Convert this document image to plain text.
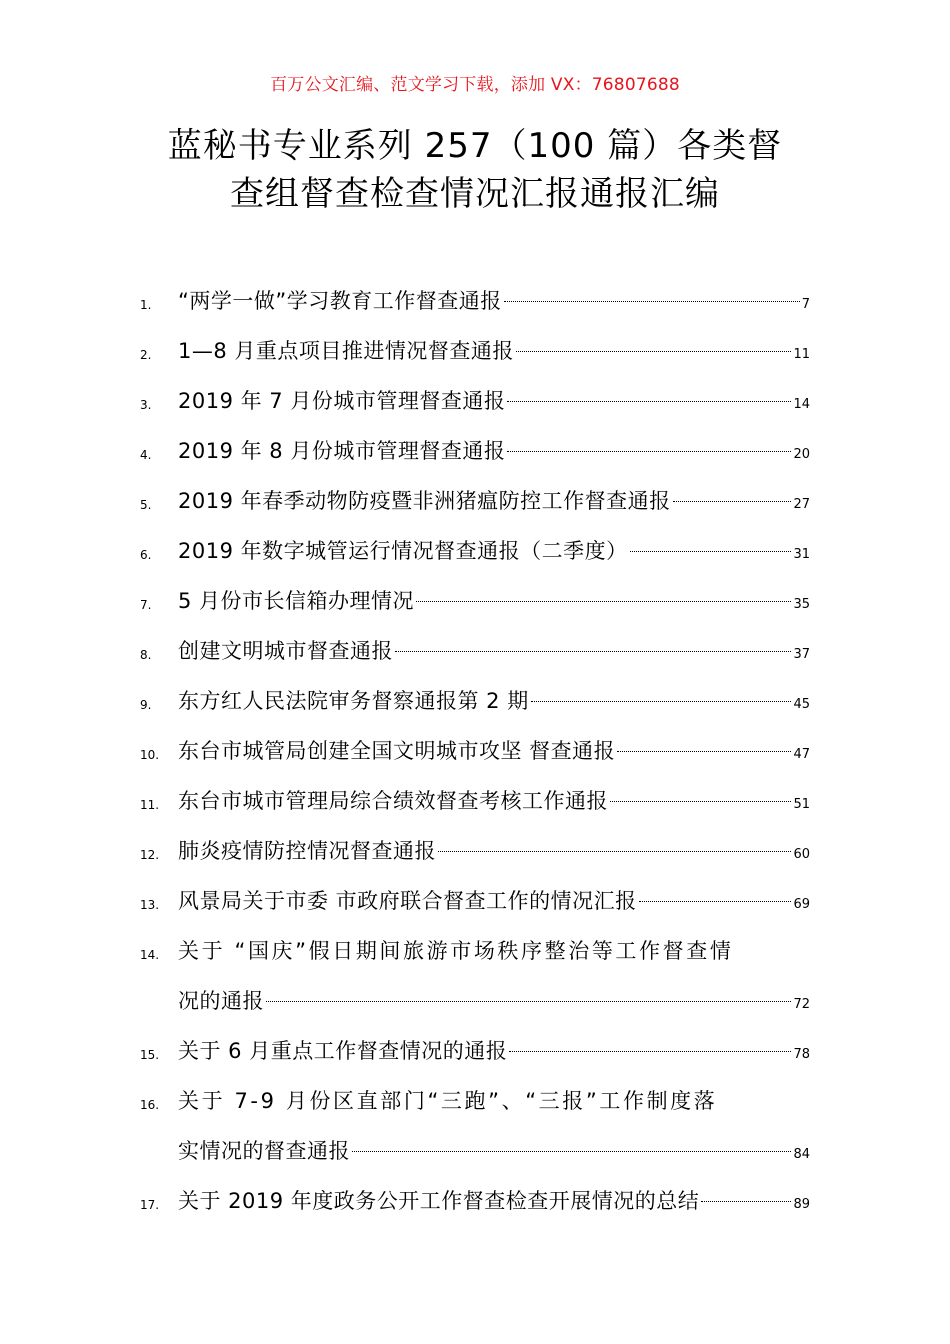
百万公文汇编、范文学习下载，添加 VX：76807688
蓝秘书专业系列 257（100 篇）各类督
查组督查检查情况汇报通报汇编
1.	“两学一做”学习教育工作督查通报	7
2.	1—8 月重点项目推进情况督查通报	11
3.	2019 年 7 月份城市管理督查通报	14
4.	2019 年 8 月份城市管理督查通报	20
5.	2019 年春季动物防疫暨非洲猪瘟防控工作督查通报	27
6.	2019 年数字城管运行情况督查通报（二季度）	31
7.	5 月份市长信箱办理情况	35
8.	创建文明城市督查通报	37
9.	东方红人民法院审务督察通报第 2 期	45
10. 东台市城管局创建全国文明城市攻坚 督查通报	47
11. 东台市城市管理局综合绩效督查考核工作通报	51
12. 肺炎疫情防控情况督查通报	60
13. 风景局关于市委 市政府联合督查工作的情况汇报	69
14. 关于 “国庆”假日期间旅游市场秩序整治等工作督查情
况的通报	72
15. 关于 6 月重点工作督查情况的通报	78
16. 关于 7-9 月份区直部门“三跑”、“三报”工作制度落
实情况的督查通报	84
17. 关于 2019 年度政务公开工作督查检查开展情况的总结	89
